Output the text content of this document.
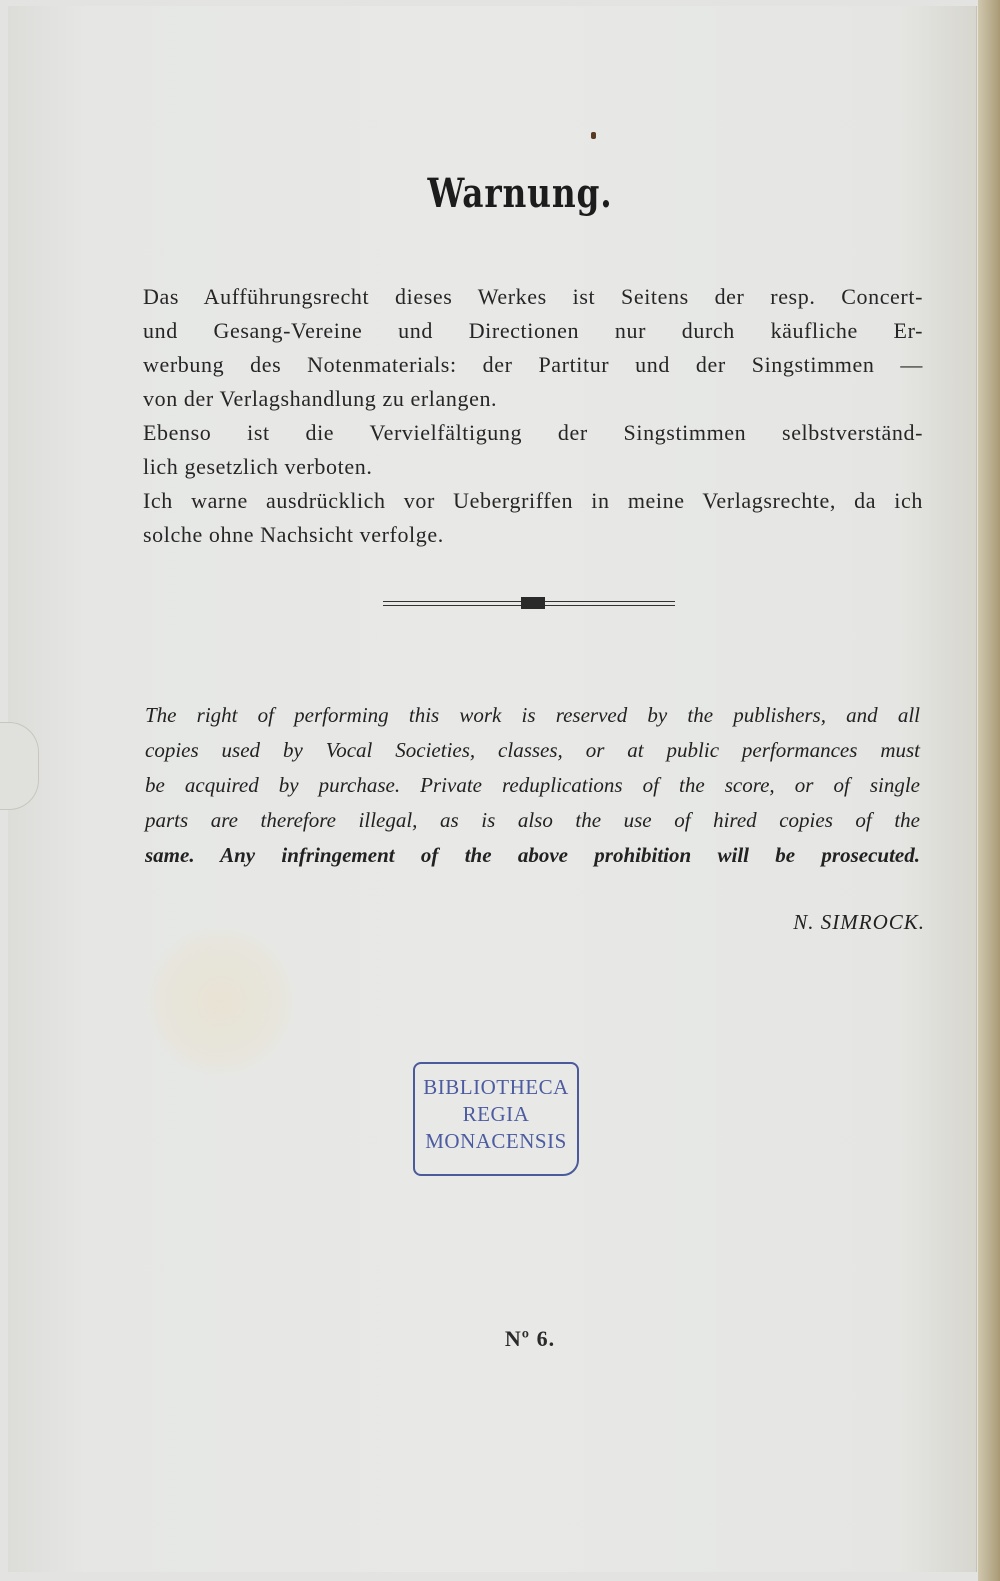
Warnung.
Das Aufführungsrecht dieses Werkes ist Seitens der resp. Concert-
und Gesang-Vereine und Directionen nur durch käufliche Er-
werbung des Notenmaterials: der Partitur und der Singstimmen —
von der Verlagshandlung zu erlangen.
Ebenso ist die Vervielfältigung der Singstimmen selbstverständ-
lich gesetzlich verboten.
Ich warne ausdrücklich vor Uebergriffen in meine Verlagsrechte, da ich
solche ohne Nachsicht verfolge.
The right of performing this work is reserved by the publishers, and all
copies used by Vocal Societies, classes, or at public performances must
be acquired by purchase. Private reduplications of the score, or of single
parts are therefore illegal, as is also the use of hired copies of the
same. Any infringement of the above prohibition will be prosecuted.
N. SIMROCK.
BIBLIOTHECA
REGIA
MONACENSIS
Nº 6.
